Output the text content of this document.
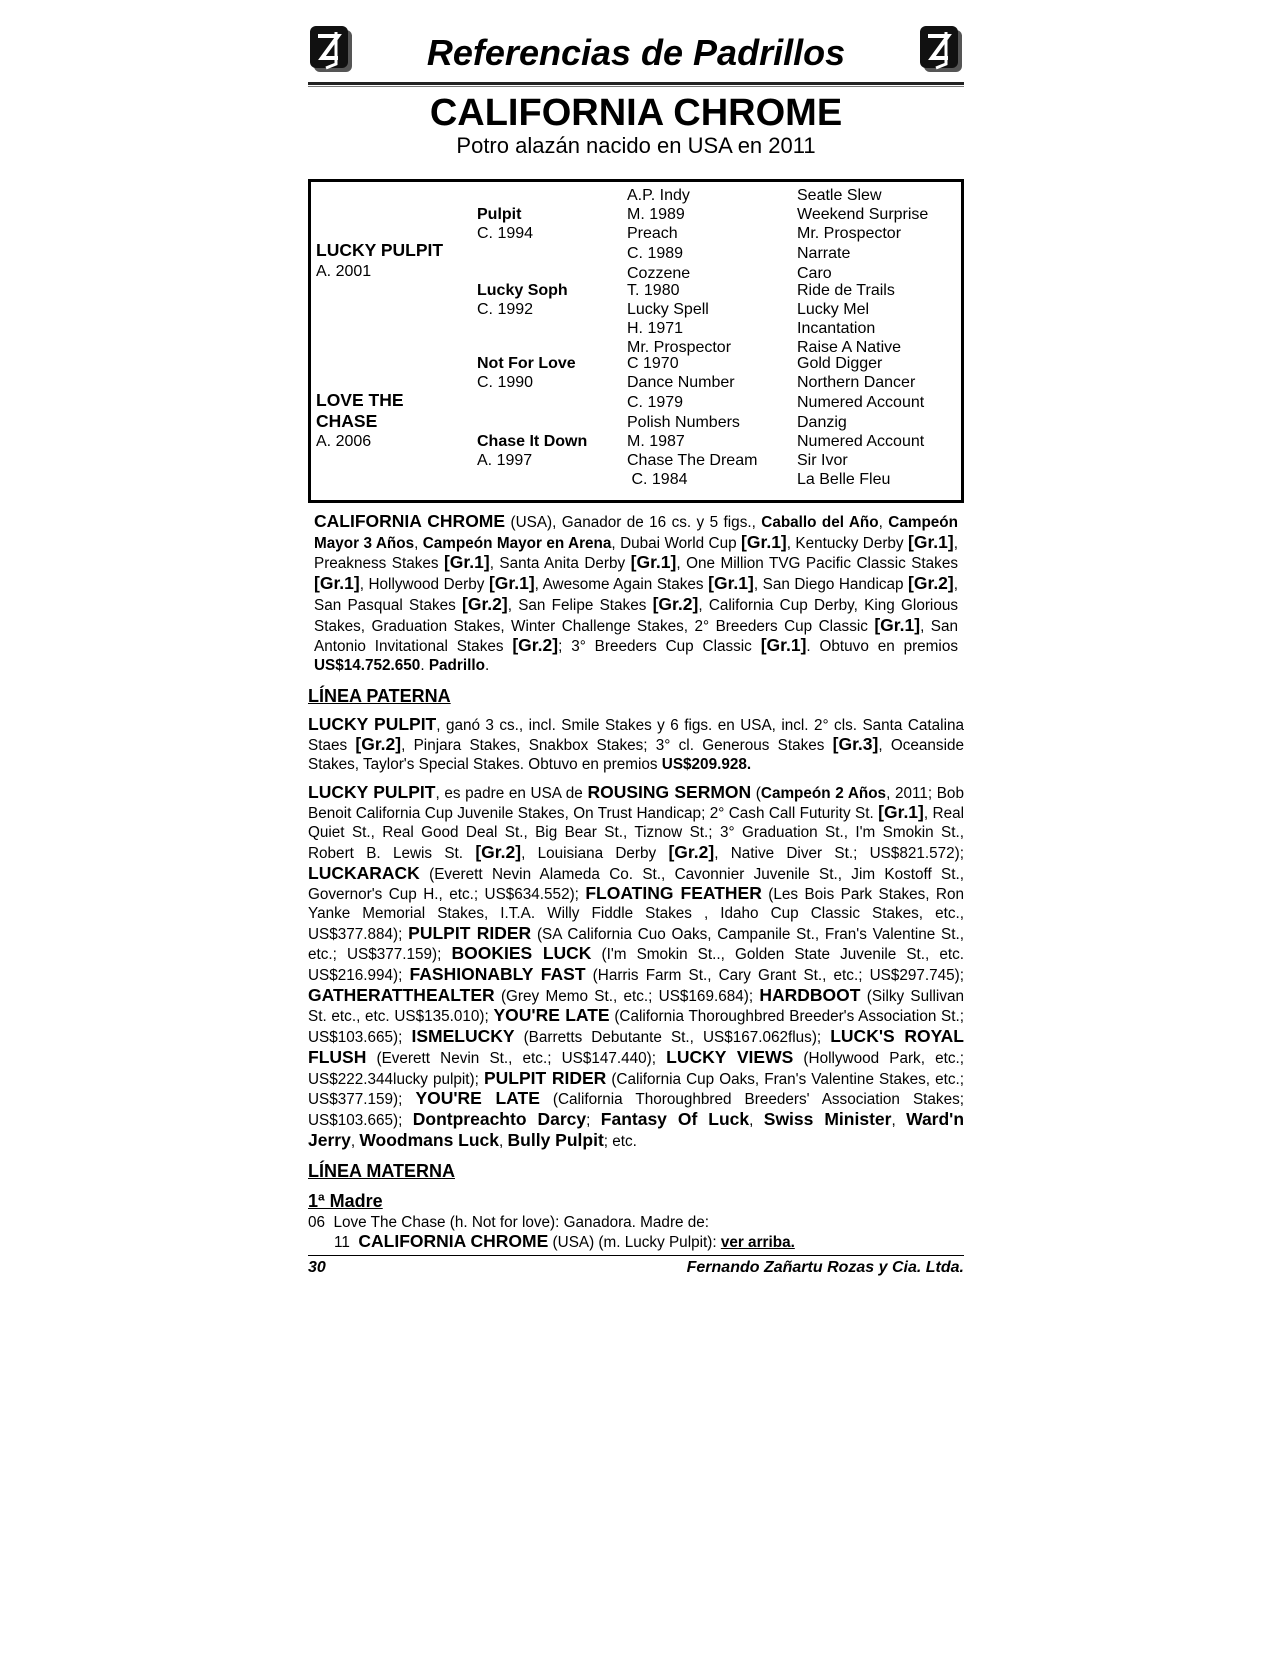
Referencias de Padrillos
CALIFORNIA CHROME
Potro alazán nacido en USA en 2011
LUCKY PULPIT
A. 2001
LOVE THE
CHASE
A. 2006
Pulpit
C. 1994
Lucky Soph
C. 1992
Not For Love
C. 1990
Chase It Down
A. 1997
A.P. Indy
M. 1989
Preach
C. 1989
Cozzene
T. 1980
Lucky Spell
H. 1971
Mr. Prospector
C 1970
Dance Number
C. 1979
Polish Numbers
M. 1987
Chase The Dream
C. 1984
Seatle Slew
Weekend Surprise
Mr. Prospector
Narrate
Caro
Ride de Trails
Lucky Mel
Incantation
Raise A Native
Gold Digger
Northern Dancer
Numered Account
Danzig
Numered Account
Sir Ivor
La Belle Fleu

CALIFORNIA CHROME (USA), Ganador de 16 cs. y 5 figs., Caballo del Año, Campeón Mayor 3 Años, Campeón Mayor en Arena, Dubai World Cup [Gr.1], Kentucky Derby [Gr.1], Preakness Stakes [Gr.1], Santa Anita Derby [Gr.1], One Million TVG Pacific Classic Stakes [Gr.1], Hollywood Derby [Gr.1], Awesome Again Stakes [Gr.1], San Diego Handicap [Gr.2], San Pasqual Stakes [Gr.2], San Felipe Stakes [Gr.2], California Cup Derby, King Glorious Stakes, Graduation Stakes, Winter Challenge Stakes, 2° Breeders Cup Classic [Gr.1], San Antonio Invitational Stakes [Gr.2]; 3° Breeders Cup Classic [Gr.1]. Obtuvo en premios US$14.752.650. Padrillo.

LÍNEA PATERNA

LUCKY PULPIT, ganó 3 cs., incl. Smile Stakes y 6 figs. en USA, incl. 2° cls. Santa Catalina Staes [Gr.2], Pinjara Stakes, Snakbox Stakes; 3° cl. Generous Stakes [Gr.3], Oceanside Stakes, Taylor's Special Stakes. Obtuvo en premios US$209.928.

LUCKY PULPIT, es padre en USA de ROUSING SERMON (Campeón 2 Años, 2011; Bob Benoit California Cup Juvenile Stakes, On Trust Handicap; 2° Cash Call Futurity St. [Gr.1], Real Quiet St., Real Good Deal St., Big Bear St., Tiznow St.; 3° Graduation St., I'm Smokin St., Robert B. Lewis St. [Gr.2], Louisiana Derby [Gr.2], Native Diver St.; US$821.572); LUCKARACK (Everett Nevin Alameda Co. St., Cavonnier Juvenile St., Jim Kostoff St., Governor's Cup H., etc.; US$634.552); FLOATING FEATHER (Les Bois Park Stakes, Ron Yanke Memorial Stakes, I.T.A. Willy Fiddle Stakes , Idaho Cup Classic Stakes, etc., US$377.884); PULPIT RIDER (SA California Cuo Oaks, Campanile St., Fran's Valentine St., etc.; US$377.159); BOOKIES LUCK (I'm Smokin St.., Golden State Juvenile St., etc. US$216.994); FASHIONABLY FAST (Harris Farm St., Cary Grant St., etc.; US$297.745); GATHERATTHEALTER (Grey Memo St., etc.; US$169.684); HARDBOOT (Silky Sullivan St. etc., etc. US$135.010); YOU'RE LATE (California Thoroughbred Breeder's Association St.; US$103.665); ISMELUCKY (Barretts Debutante St., US$167.062flus); LUCK'S ROYAL FLUSH (Everett Nevin St., etc.; US$147.440); LUCKY VIEWS (Hollywood Park, etc.; US$222.344lucky pulpit); PULPIT RIDER (California Cup Oaks, Fran's Valentine Stakes, etc.; US$377.159); YOU'RE LATE (California Thoroughbred Breeders' Association Stakes; US$103.665); Dontpreachto Darcy; Fantasy Of Luck, Swiss Minister, Ward'n Jerry, Woodmans Luck, Bully Pulpit; etc.

LÍNEA MATERNA
1ª Madre
06  Love The Chase (h. Not for love): Ganadora. Madre de:
11  CALIFORNIA CHROME (USA) (m. Lucky Pulpit): ver arriba.
30	Fernando Zañartu Rozas y Cia. Ltda.
